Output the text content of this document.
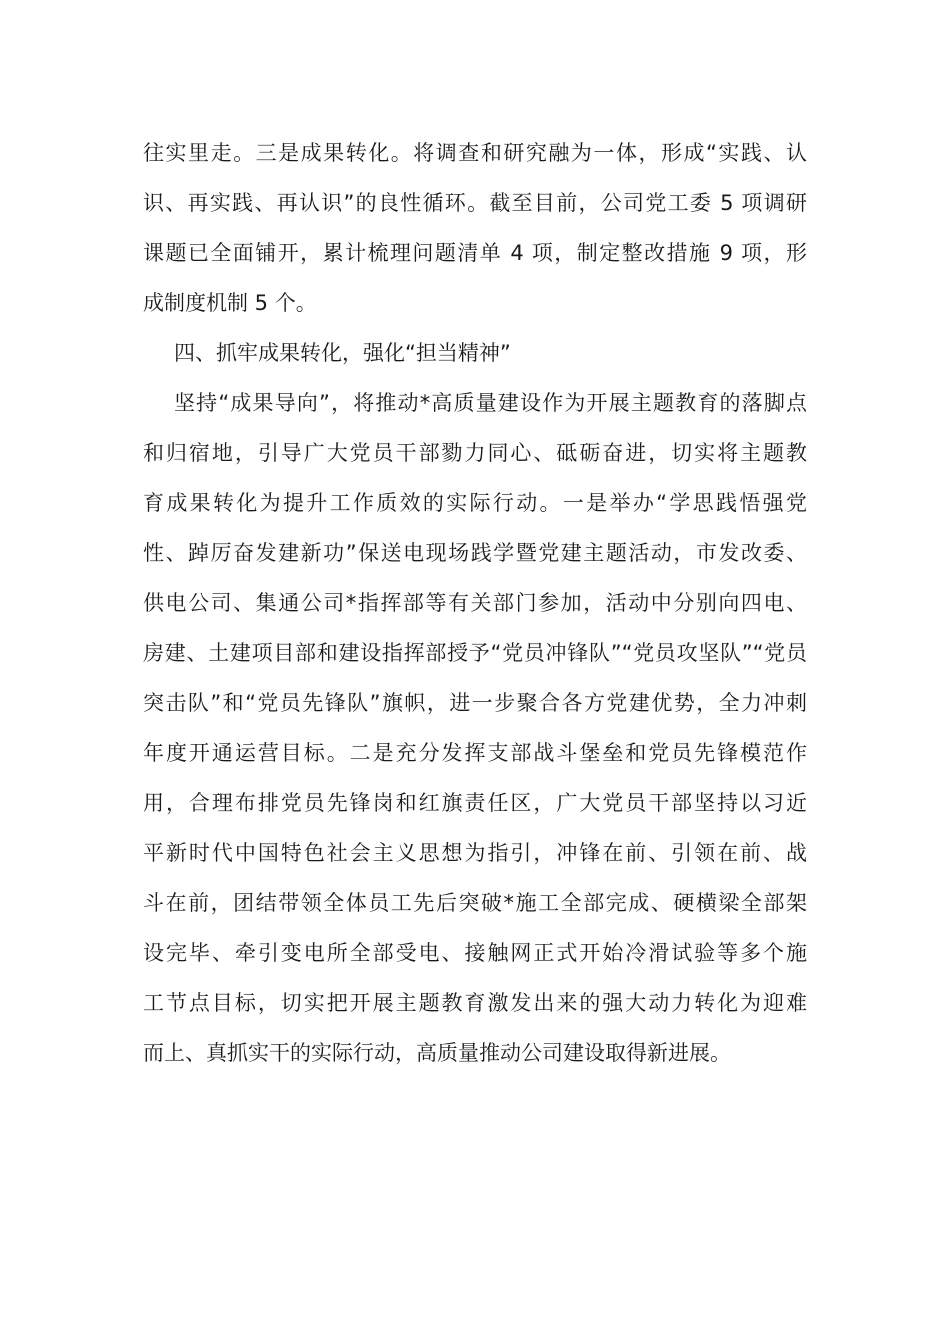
往实里走。三是成果转化。将调查和研究融为一体，形成“实践、认
识、再实践、再认识”的良性循环。截至目前，公司党工委 5 项调研
课题已全面铺开，累计梳理问题清单 4 项，制定整改措施 9 项，形
成制度机制 5 个。
四、抓牢成果转化，强化“担当精神”
坚持“成果导向”，将推动*高质量建设作为开展主题教育的落脚点
和归宿地，引导广大党员干部勠力同心、砥砺奋进，切实将主题教
育成果转化为提升工作质效的实际行动。一是举办“学思践悟强党
性、踔厉奋发建新功”保送电现场践学暨党建主题活动，市发改委、
供电公司、集通公司*指挥部等有关部门参加，活动中分别向四电、
房建、土建项目部和建设指挥部授予“党员冲锋队”“党员攻坚队”“党员
突击队”和“党员先锋队”旗帜，进一步聚合各方党建优势，全力冲刺
年度开通运营目标。二是充分发挥支部战斗堡垒和党员先锋模范作
用，合理布排党员先锋岗和红旗责任区，广大党员干部坚持以习近
平新时代中国特色社会主义思想为指引，冲锋在前、引领在前、战
斗在前，团结带领全体员工先后突破*施工全部完成、硬横梁全部架
设完毕、牵引变电所全部受电、接触网正式开始冷滑试验等多个施
工节点目标，切实把开展主题教育激发出来的强大动力转化为迎难
而上、真抓实干的实际行动，高质量推动公司建设取得新进展。
